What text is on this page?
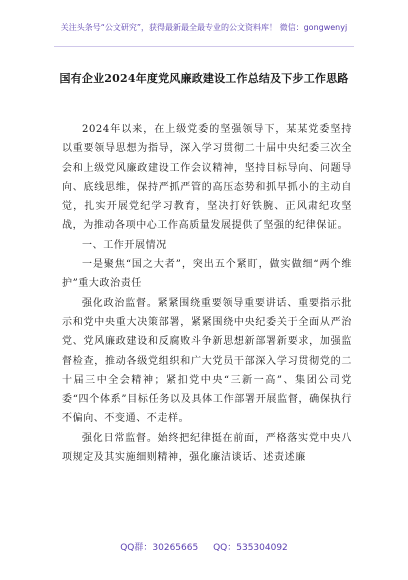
关注头条号“公文研究”，获得最新最全最专业的公文资料库！ 微信：gongwenyj
国有企业2024年度党风廉政建设工作总结及下步工作思路

2024年以来，在上级党委的坚强领导下，某某党委坚持以重要领导思想为指导，深入学习贯彻二十届中央纪委三次全会和上级党风廉政建设工作会议精神，坚持目标导向、问题导向、底线思维，保持严抓严管的高压态势和抓早抓小的主动自觉，扎实开展党纪学习教育，坚决打好铁腕、正风肃纪攻坚战，为推动各项中心工作高质量发展提供了坚强的纪律保证。

一、工作开展情况

一是聚焦“国之大者”，突出五个紧盯，做实做细“两个维护”重大政治责任

强化政治监督。紧紧围绕重要领导重要讲话、重要指示批示和党中央重大决策部署，紧紧围绕中央纪委关于全面从严治党、党风廉政建设和反腐败斗争新思想新部署新要求，加强监督检查，推动各级党组织和广大党员干部深入学习贯彻党的二十届三中全会精神；紧扣党中央“三新一高”、集团公司党委“四个体系”目标任务以及具体工作部署开展监督，确保执行不偏向、不变通、不走样。

强化日常监督。始终把纪律挺在前面，严格落实党中央八项规定及其实施细则精神，强化廉洁谈话、述责述廉

QQ群：30265665 QQ：535304092
